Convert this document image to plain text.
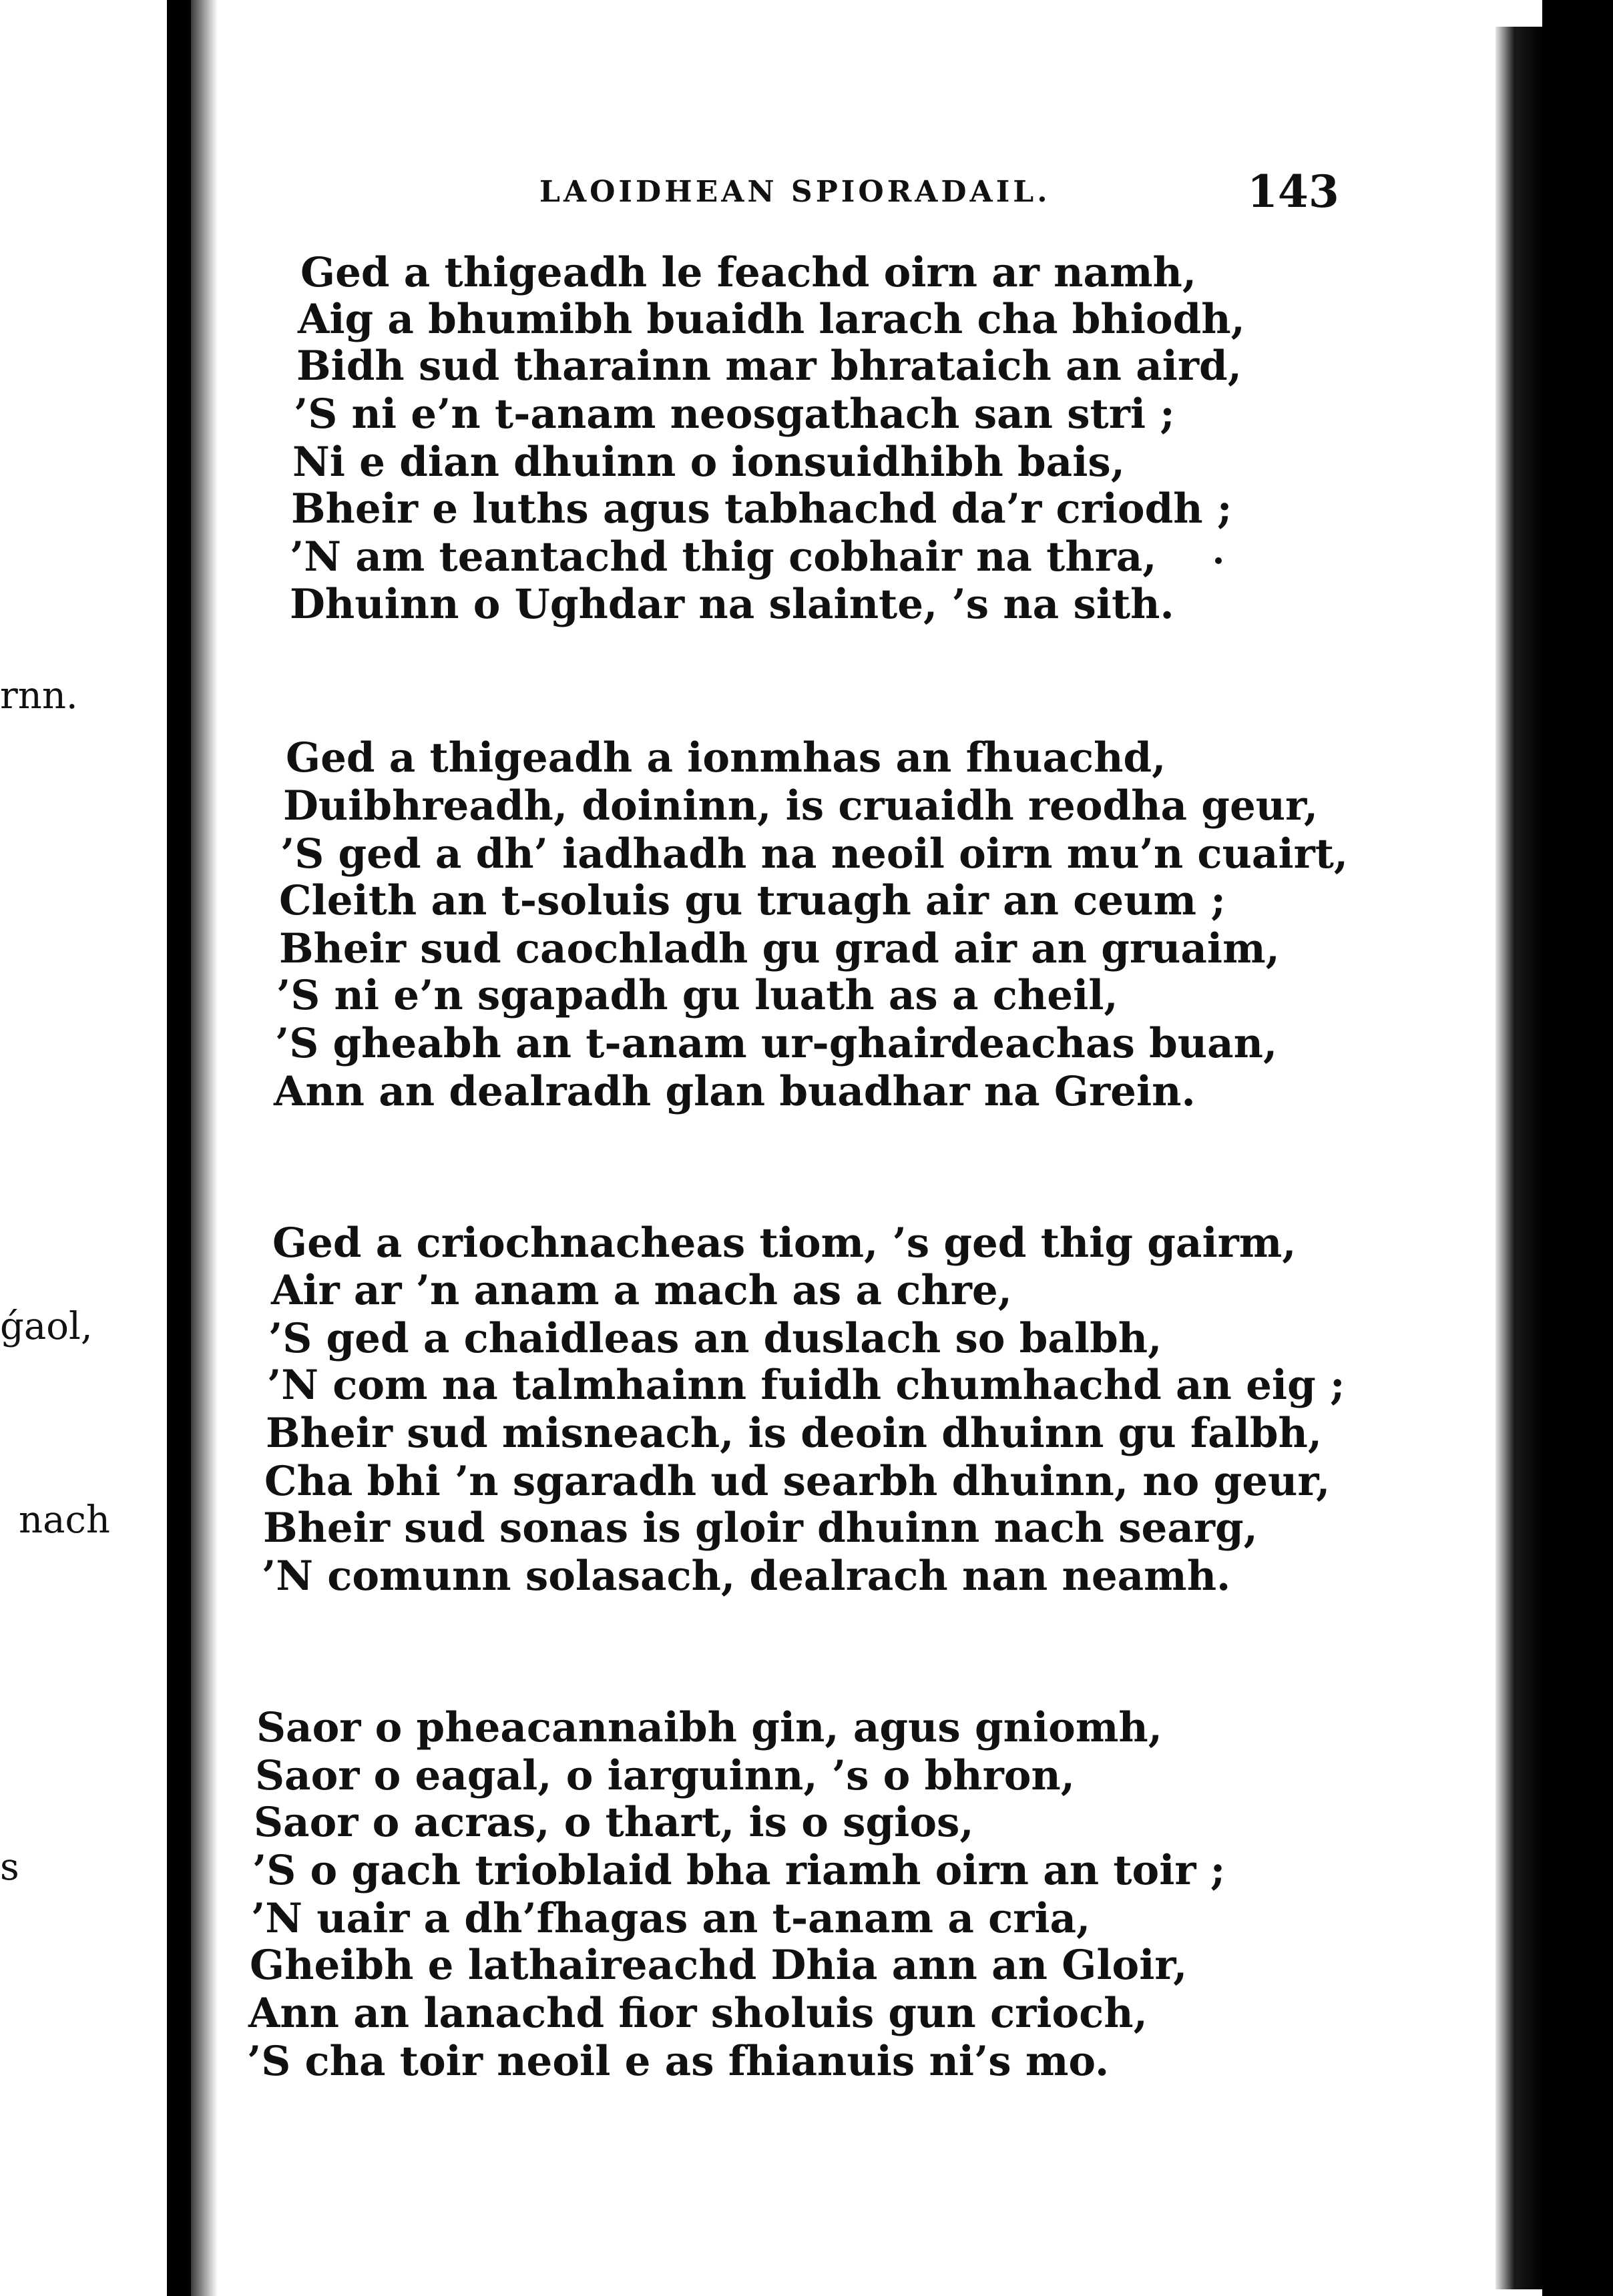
rnn.
ǵaol,
nach
s
LAOIDHEAN SPIORADAIL.	143
Ged a thigeadh le feachd oirn ar namh,
Aig a bhumibh buaidh larach cha bhiodh,
Bidh sud tharainn mar bhrataich an aird,
’S ni e’n t-anam neosgathach san stri ;
Ni e dian dhuinn o ionsuidhibh bais,
Bheir e luths agus tabhachd da’r criodh ;
’N am teantachd thig cobhair na thra,
Dhuinn o Ughdar na slainte, ’s na sith.
Ged a thigeadh a ionmhas an fhuachd,
Duibhreadh, doininn, is cruaidh reodha geur,
’S ged a dh’ iadhadh na neoil oirn mu’n cuairt,
Cleith an t-soluis gu truagh air an ceum ;
Bheir sud caochladh gu grad air an gruaim,
’S ni e’n sgapadh gu luath as a cheil,
’S gheabh an t-anam ur-ghairdeachas buan,
Ann an dealradh glan buadhar na Grein.
Ged a criochnacheas tiom, ’s ged thig gairm,
Air ar ’n anam a mach as a chre,
’S ged a chaidleas an duslach so balbh,
’N com na talmhainn fuidh chumhachd an eig ;
Bheir sud misneach, is deoin dhuinn gu falbh,
Cha bhi ’n sgaradh ud searbh dhuinn, no geur,
Bheir sud sonas is gloir dhuinn nach searg,
’N comunn solasach, dealrach nan neamh.
Saor o pheacannaibh gin, agus gniomh,
Saor o eagal, o iarguinn, ’s o bhron,
Saor o acras, o thart, is o sgios,
’S o gach trioblaid bha riamh oirn an toir ;
’N uair a dh’fhagas an t-anam a cria,
Gheibh e lathaireachd Dhia ann an Gloir,
Ann an lanachd fior sholuis gun crioch,
’S cha toir neoil e as fhianuis ni’s mo.
